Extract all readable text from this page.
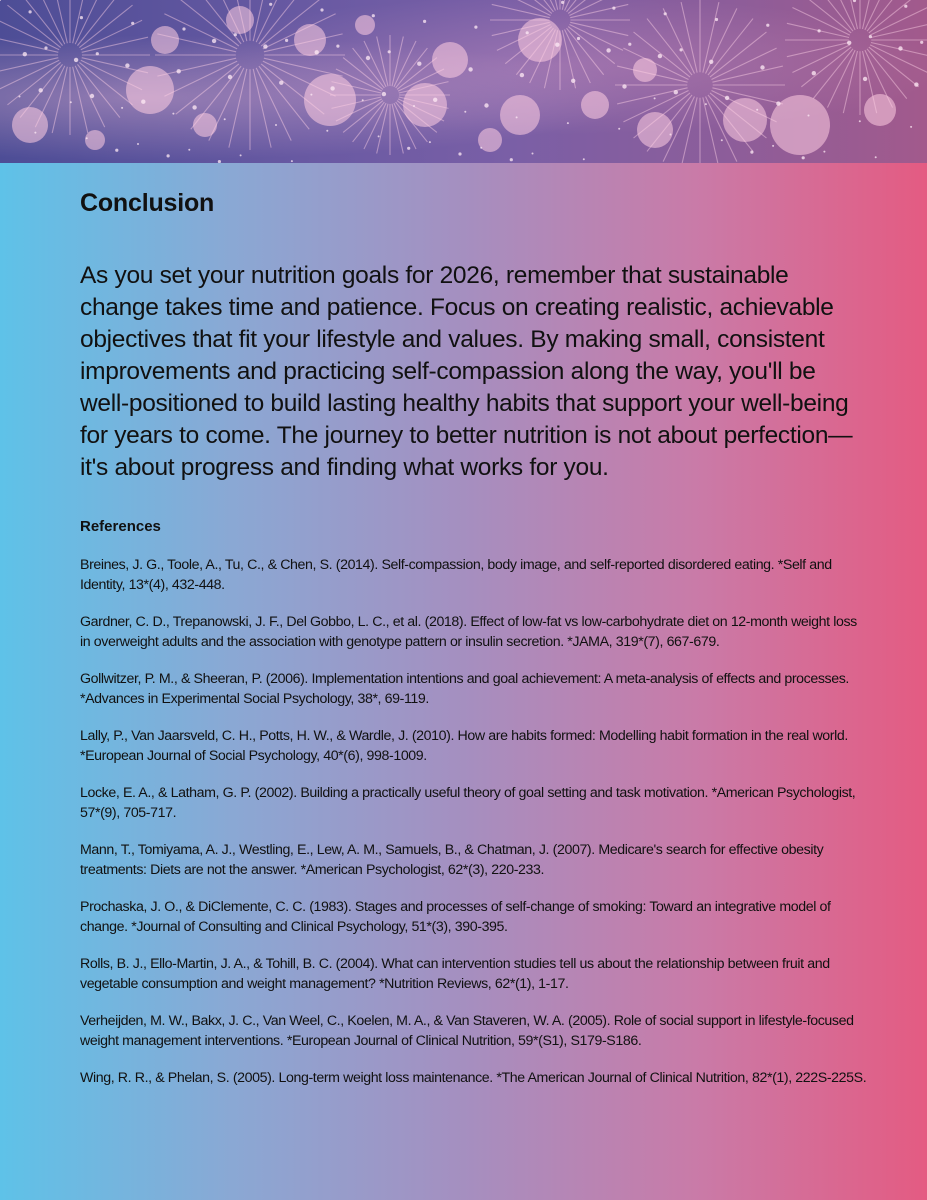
Conclusion

As you set your nutrition goals for 2026, remember that sustainable change takes time and patience. Focus on creating realistic, achievable objectives that fit your lifestyle and values. By making small, consistent improvements and practicing self-compassion along the way, you'll be well-positioned to build lasting healthy habits that support your well-being for years to come. The journey to better nutrition is not about perfection—it's about progress and finding what works for you.

References
Breines, J. G., Toole, A., Tu, C., & Chen, S. (2014). Self-compassion, body image, and self-reported disordered eating. *Self and Identity, 13*(4), 432-448.
Gardner, C. D., Trepanowski, J. F., Del Gobbo, L. C., et al. (2018). Effect of low-fat vs low-carbohydrate diet on 12-month weight loss in overweight adults and the association with genotype pattern or insulin secretion. *JAMA, 319*(7), 667-679.
Gollwitzer, P. M., & Sheeran, P. (2006). Implementation intentions and goal achievement: A meta-analysis of effects and processes. *Advances in Experimental Social Psychology, 38*, 69-119.
Lally, P., Van Jaarsveld, C. H., Potts, H. W., & Wardle, J. (2010). How are habits formed: Modelling habit formation in the real world. *European Journal of Social Psychology, 40*(6), 998-1009.
Locke, E. A., & Latham, G. P. (2002). Building a practically useful theory of goal setting and task motivation. *American Psychologist, 57*(9), 705-717.
Mann, T., Tomiyama, A. J., Westling, E., Lew, A. M., Samuels, B., & Chatman, J. (2007). Medicare's search for effective obesity treatments: Diets are not the answer. *American Psychologist, 62*(3), 220-233.
Prochaska, J. O., & DiClemente, C. C. (1983). Stages and processes of self-change of smoking: Toward an integrative model of change. *Journal of Consulting and Clinical Psychology, 51*(3), 390-395.
Rolls, B. J., Ello-Martin, J. A., & Tohill, B. C. (2004). What can intervention studies tell us about the relationship between fruit and vegetable consumption and weight management? *Nutrition Reviews, 62*(1), 1-17.
Verheijden, M. W., Bakx, J. C., Van Weel, C., Koelen, M. A., & Van Staveren, W. A. (2005). Role of social support in lifestyle-focused weight management interventions. *European Journal of Clinical Nutrition, 59*(S1), S179-S186.
Wing, R. R., & Phelan, S. (2005). Long-term weight loss maintenance. *The American Journal of Clinical Nutrition, 82*(1), 222S-225S.
